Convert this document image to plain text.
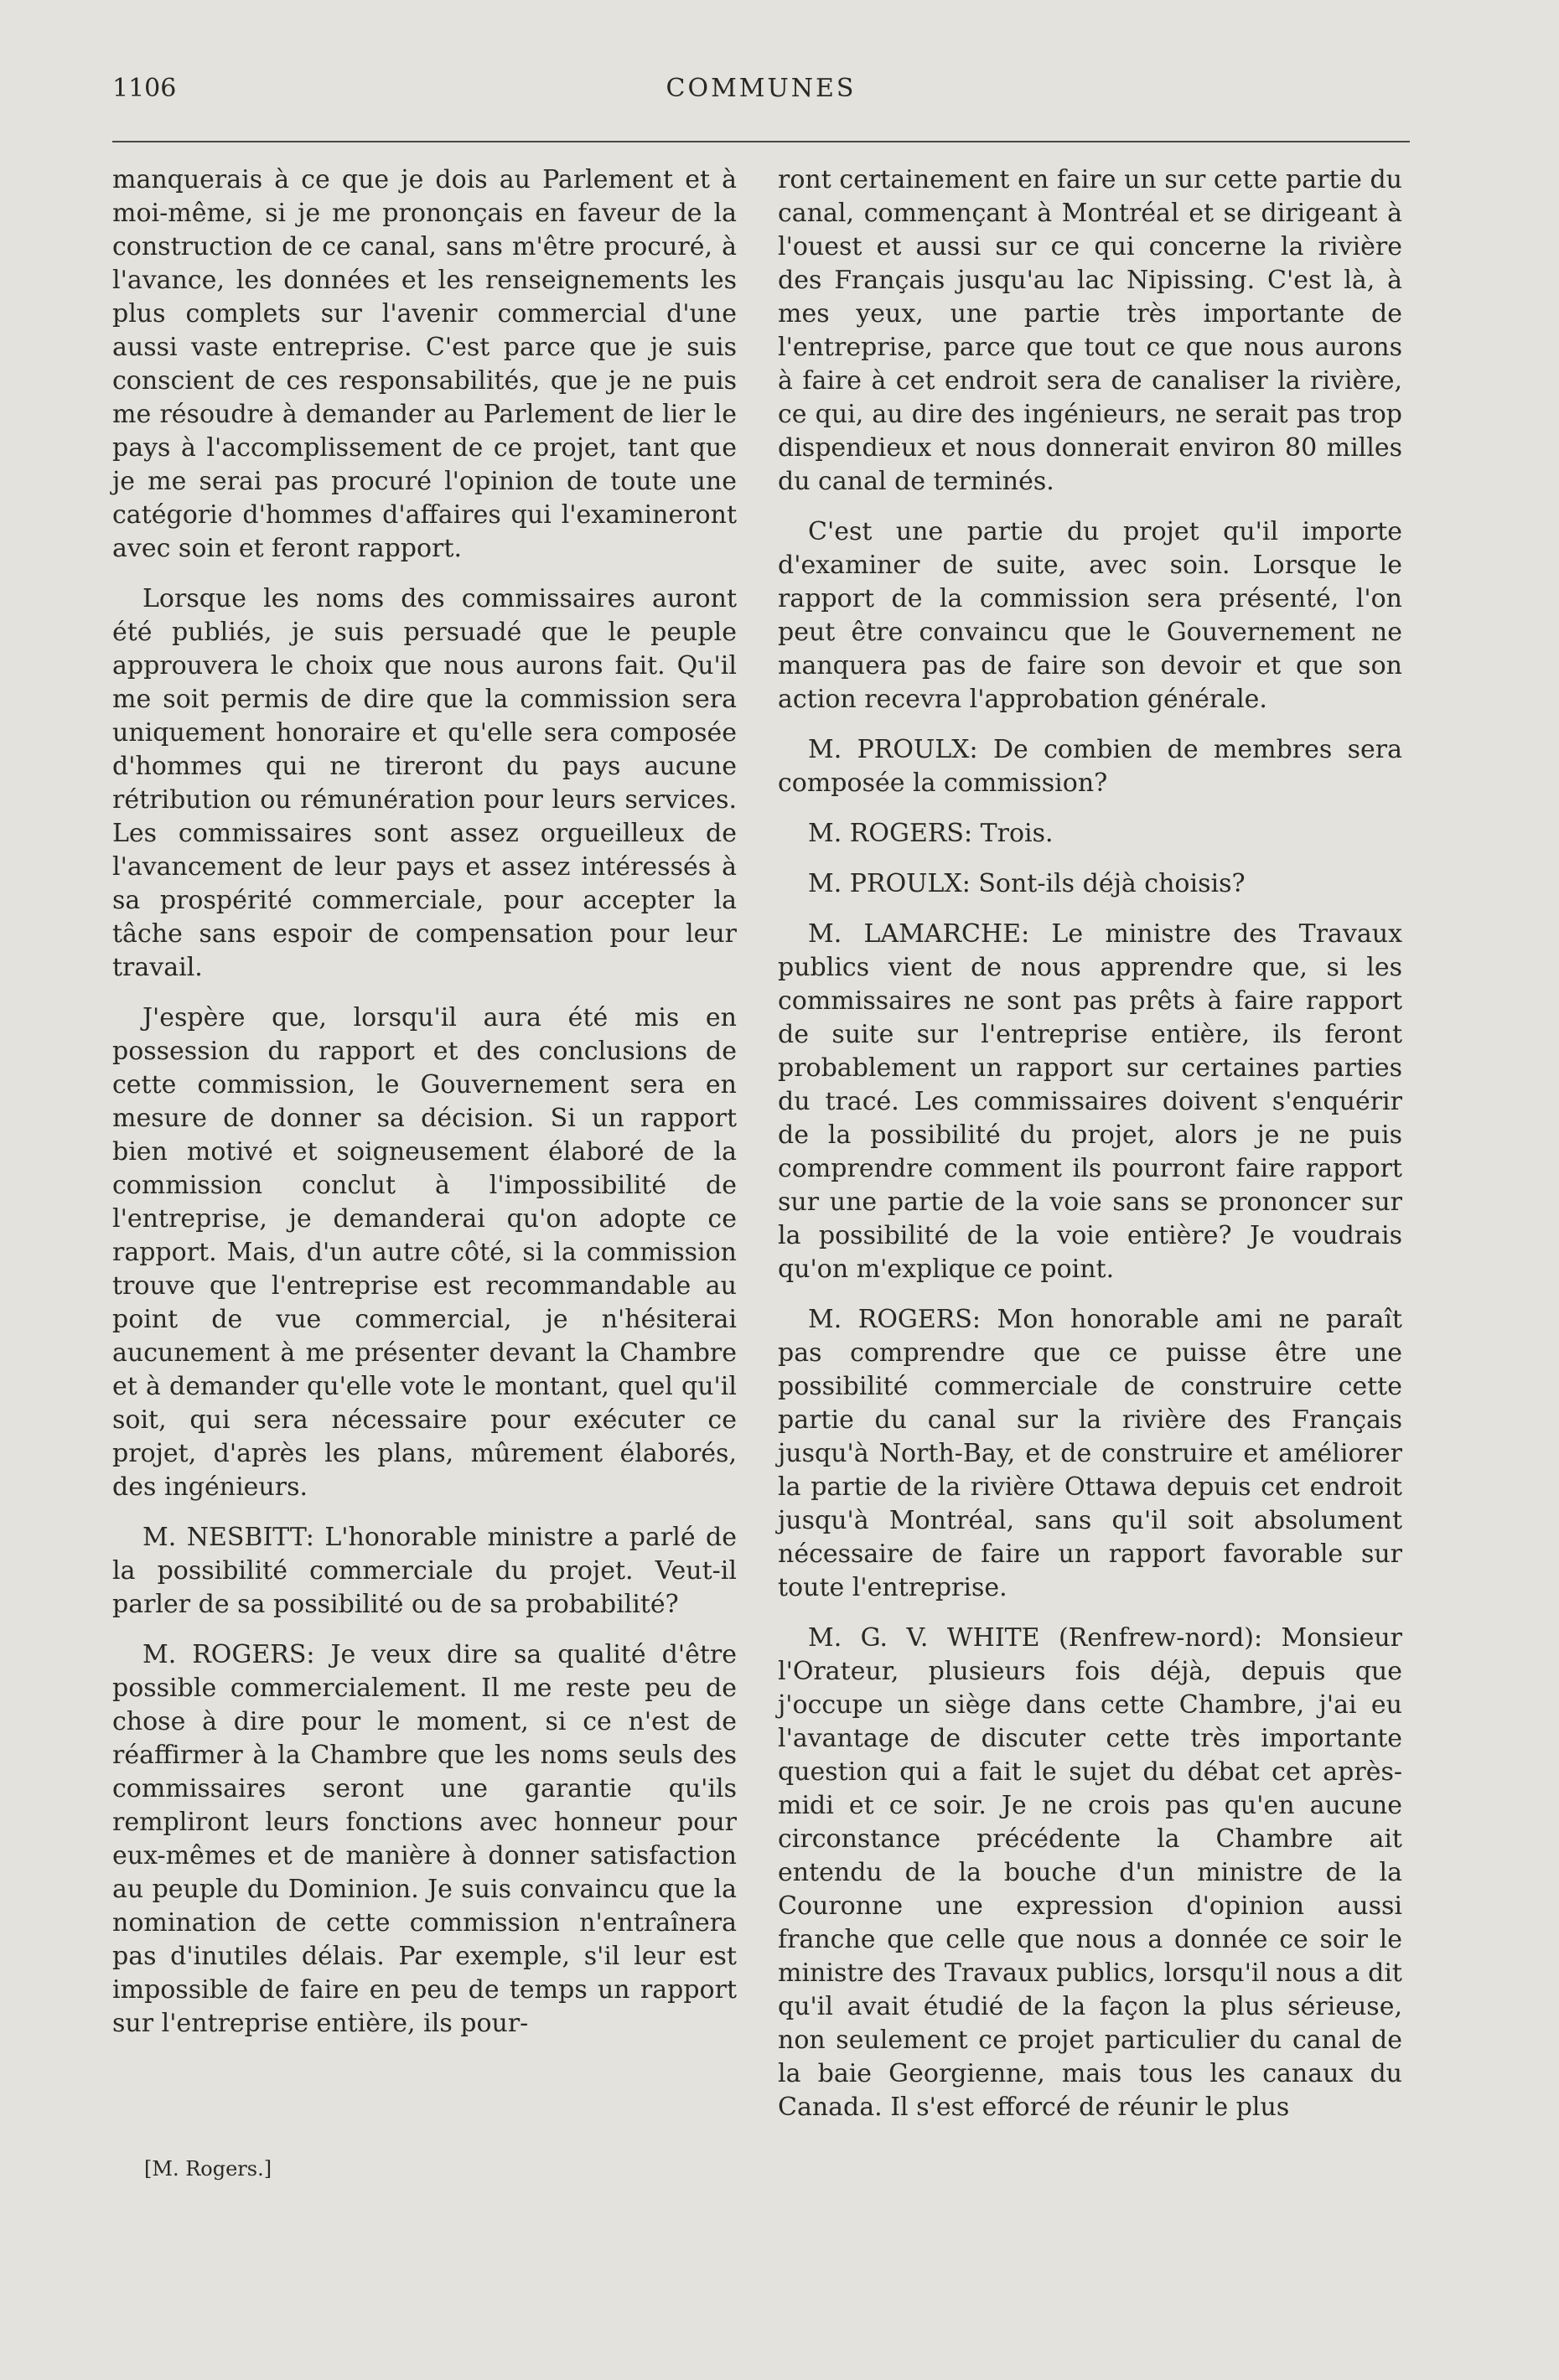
1106	COMMUNES

manquerais à ce que je dois au Parlement et à moi-même, si je me prononçais en faveur de la construction de ce canal, sans m'être procuré, à l'avance, les données et les renseignements les plus complets sur l'avenir commercial d'une aussi vaste entreprise. C'est parce que je suis conscient de ces responsabilités, que je ne puis me résoudre à demander au Parlement de lier le pays à l'accomplissement de ce projet, tant que je me serai pas procuré l'opinion de toute une catégorie d'hommes d'affaires qui l'examineront avec soin et feront rapport.

Lorsque les noms des commissaires auront été publiés, je suis persuadé que le peuple approuvera le choix que nous aurons fait. Qu'il me soit permis de dire que la commission sera uniquement honoraire et qu'elle sera composée d'hommes qui ne tireront du pays aucune rétribution ou rémunération pour leurs services. Les commissaires sont assez orgueilleux de l'avancement de leur pays et assez intéressés à sa prospérité commerciale, pour accepter la tâche sans espoir de compensation pour leur travail.

J'espère que, lorsqu'il aura été mis en possession du rapport et des conclusions de cette commission, le Gouvernement sera en mesure de donner sa décision. Si un rapport bien motivé et soigneusement élaboré de la commission conclut à l'impossibilité de l'entreprise, je demanderai qu'on adopte ce rapport. Mais, d'un autre côté, si la commission trouve que l'entreprise est recommandable au point de vue commercial, je n'hésiterai aucunement à me présenter devant la Chambre et à demander qu'elle vote le montant, quel qu'il soit, qui sera nécessaire pour exécuter ce projet, d'après les plans, mûrement élaborés, des ingénieurs.

M. NESBITT: L'honorable ministre a parlé de la possibilité commerciale du projet. Veut-il parler de sa possibilité ou de sa probabilité?

M. ROGERS: Je veux dire sa qualité d'être possible commercialement. Il me reste peu de chose à dire pour le moment, si ce n'est de réaffirmer à la Chambre que les noms seuls des commissaires seront une garantie qu'ils rempliront leurs fonctions avec honneur pour eux-mêmes et de manière à donner satisfaction au peuple du Dominion. Je suis convaincu que la nomination de cette commission n'entraînera pas d'inutiles délais. Par exemple, s'il leur est impossible de faire en peu de temps un rapport sur l'entreprise entière, ils pour-

ront certainement en faire un sur cette partie du canal, commençant à Montréal et se dirigeant à l'ouest et aussi sur ce qui concerne la rivière des Français jusqu'au lac Nipissing. C'est là, à mes yeux, une partie très importante de l'entreprise, parce que tout ce que nous aurons à faire à cet endroit sera de canaliser la rivière, ce qui, au dire des ingénieurs, ne serait pas trop dispendieux et nous donnerait environ 80 milles du canal de terminés.

C'est une partie du projet qu'il importe d'examiner de suite, avec soin. Lorsque le rapport de la commission sera présenté, l'on peut être convaincu que le Gouvernement ne manquera pas de faire son devoir et que son action recevra l'approbation générale.

M. PROULX: De combien de membres sera composée la commission?

M. ROGERS: Trois.

M. PROULX: Sont-ils déjà choisis?

M. LAMARCHE: Le ministre des Travaux publics vient de nous apprendre que, si les commissaires ne sont pas prêts à faire rapport de suite sur l'entreprise entière, ils feront probablement un rapport sur certaines parties du tracé. Les commissaires doivent s'enquérir de la possibilité du projet, alors je ne puis comprendre comment ils pourront faire rapport sur une partie de la voie sans se prononcer sur la possibilité de la voie entière? Je voudrais qu'on m'explique ce point.

M. ROGERS: Mon honorable ami ne paraît pas comprendre que ce puisse être une possibilité commerciale de construire cette partie du canal sur la rivière des Français jusqu'à North-Bay, et de construire et améliorer la partie de la rivière Ottawa depuis cet endroit jusqu'à Montréal, sans qu'il soit absolument nécessaire de faire un rapport favorable sur toute l'entreprise.

M. G. V. WHITE (Renfrew-nord): Monsieur l'Orateur, plusieurs fois déjà, depuis que j'occupe un siège dans cette Chambre, j'ai eu l'avantage de discuter cette très importante question qui a fait le sujet du débat cet après-midi et ce soir. Je ne crois pas qu'en aucune circonstance précédente la Chambre ait entendu de la bouche d'un ministre de la Couronne une expression d'opinion aussi franche que celle que nous a donnée ce soir le ministre des Travaux publics, lorsqu'il nous a dit qu'il avait étudié de la façon la plus sérieuse, non seulement ce projet particulier du canal de la baie Georgienne, mais tous les canaux du Canada. Il s'est efforcé de réunir le plus

[M. Rogers.]
